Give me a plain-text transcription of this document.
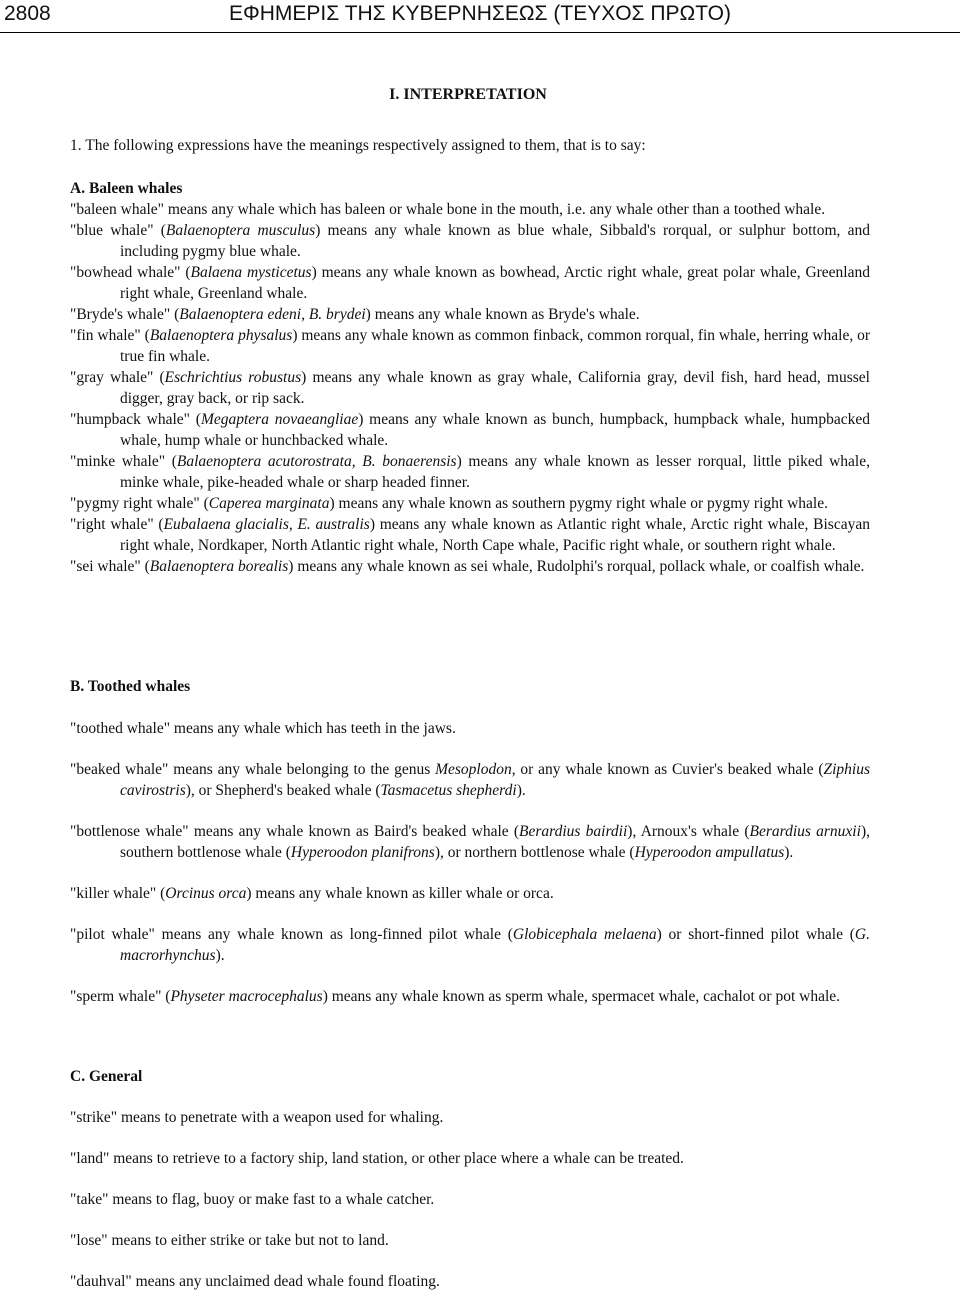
2808	ΕΦΗΜΕΡΙΣ ΤΗΣ ΚΥΒΕΡΝΗΣΕΩΣ (ΤΕΥΧΟΣ ΠΡΩΤΟ)
I. INTERPRETATION
1. The following expressions have the meanings respectively assigned to them, that is to say:
A. Baleen whales
"baleen whale" means any whale which has baleen or whale bone in the mouth, i.e. any whale other than a toothed whale.
"blue whale" (Balaenoptera musculus) means any whale known as blue whale, Sibbald's rorqual, or sulphur bottom, and including pygmy blue whale.
"bowhead whale" (Balaena mysticetus) means any whale known as bowhead, Arctic right whale, great polar whale, Greenland right whale, Greenland whale.
"Bryde's whale" (Balaenoptera edeni, B. brydei) means any whale known as Bryde's whale.
"fin whale" (Balaenoptera physalus) means any whale known as common finback, common rorqual, fin whale, herring whale, or true fin whale.
"gray whale" (Eschrichtius robustus) means any whale known as gray whale, California gray, devil fish, hard head, mussel digger, gray back, or rip sack.
"humpback whale" (Megaptera novaeangliae) means any whale known as bunch, humpback, humpback whale, humpbacked whale, hump whale or hunchbacked whale.
"minke whale" (Balaenoptera acutorostrata, B. bonaerensis) means any whale known as lesser rorqual, little piked whale, minke whale, pike-headed whale or sharp headed finner.
"pygmy right whale" (Caperea marginata) means any whale known as southern pygmy right whale or pygmy right whale.
"right whale" (Eubalaena glacialis, E. australis) means any whale known as Atlantic right whale, Arctic right whale, Biscayan right whale, Nordkaper, North Atlantic right whale, North Cape whale, Pacific right whale, or southern right whale.
"sei whale" (Balaenoptera borealis) means any whale known as sei whale, Rudolphi's rorqual, pollack whale, or coalfish whale.
B. Toothed whales
"toothed whale" means any whale which has teeth in the jaws.
"beaked whale" means any whale belonging to the genus Mesoplodon, or any whale known as Cuvier's beaked whale (Ziphius cavirostris), or Shepherd's beaked whale (Tasmacetus shepherdi).
"bottlenose whale" means any whale known as Baird's beaked whale (Berardius bairdii), Arnoux's whale (Berardius arnuxii), southern bottlenose whale (Hyperoodon planifrons), or northern bottlenose whale (Hyperoodon ampullatus).
"killer whale" (Orcinus orca) means any whale known as killer whale or orca.
"pilot whale" means any whale known as long-finned pilot whale (Globicephala melaena) or short-finned pilot whale (G. macrorhynchus).
"sperm whale" (Physeter macrocephalus) means any whale known as sperm whale, spermacet whale, cachalot or pot whale.
C. General
"strike" means to penetrate with a weapon used for whaling.
"land" means to retrieve to a factory ship, land station, or other place where a whale can be treated.
"take" means to flag, buoy or make fast to a whale catcher.
"lose" means to either strike or take but not to land.
"dauhval" means any unclaimed dead whale found floating.
